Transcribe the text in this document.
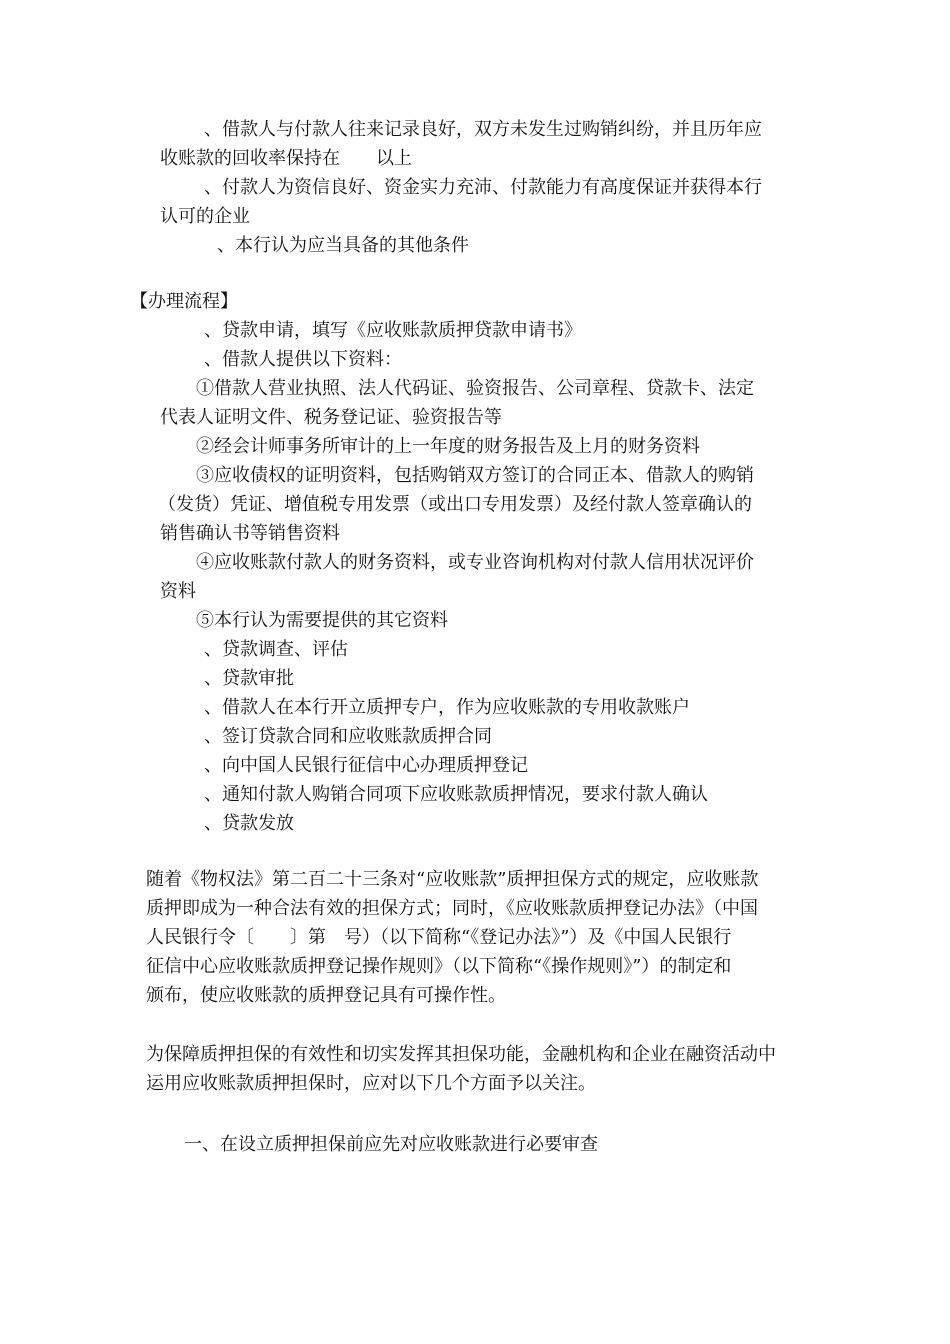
、借款人与付款人往来记录良好，双方未发生过购销纠纷，并且历年应

收账款的回收率保持在　　以上

、付款人为资信良好、资金实力充沛、付款能力有高度保证并获得本行

认可的企业

、本行认为应当具备的其他条件

【办理流程】

、贷款申请，填写《应收账款质押贷款申请书》

、借款人提供以下资料：

①借款人营业执照、法人代码证、验资报告、公司章程、贷款卡、法定

代表人证明文件、税务登记证、验资报告等

②经会计师事务所审计的上一年度的财务报告及上月的财务资料

③应收债权的证明资料，包括购销双方签订的合同正本、借款人的购销

（发货）凭证、增值税专用发票（或出口专用发票）及经付款人签章确认的

销售确认书等销售资料

④应收账款付款人的财务资料，或专业咨询机构对付款人信用状况评价

资料

⑤本行认为需要提供的其它资料

、贷款调查、评估

、贷款审批

、借款人在本行开立质押专户，作为应收账款的专用收款账户

、签订贷款合同和应收账款质押合同

、向中国人民银行征信中心办理质押登记

、通知付款人购销合同项下应收账款质押情况，要求付款人确认

、贷款发放

随着《物权法》第二百二十三条对“应收账款”质押担保方式的规定，应收账款

质押即成为一种合法有效的担保方式；同时，《应收账款质押登记办法》（中国

人民银行令〔　　〕第　号）（以下简称“《登记办法》”）及《中国人民银行

征信中心应收账款质押登记操作规则》（以下简称“《操作规则》”）的制定和

颁布，使应收账款的质押登记具有可操作性。

为保障质押担保的有效性和切实发挥其担保功能，金融机构和企业在融资活动中

运用应收账款质押担保时，应对以下几个方面予以关注。

一、在设立质押担保前应先对应收账款进行必要审查
